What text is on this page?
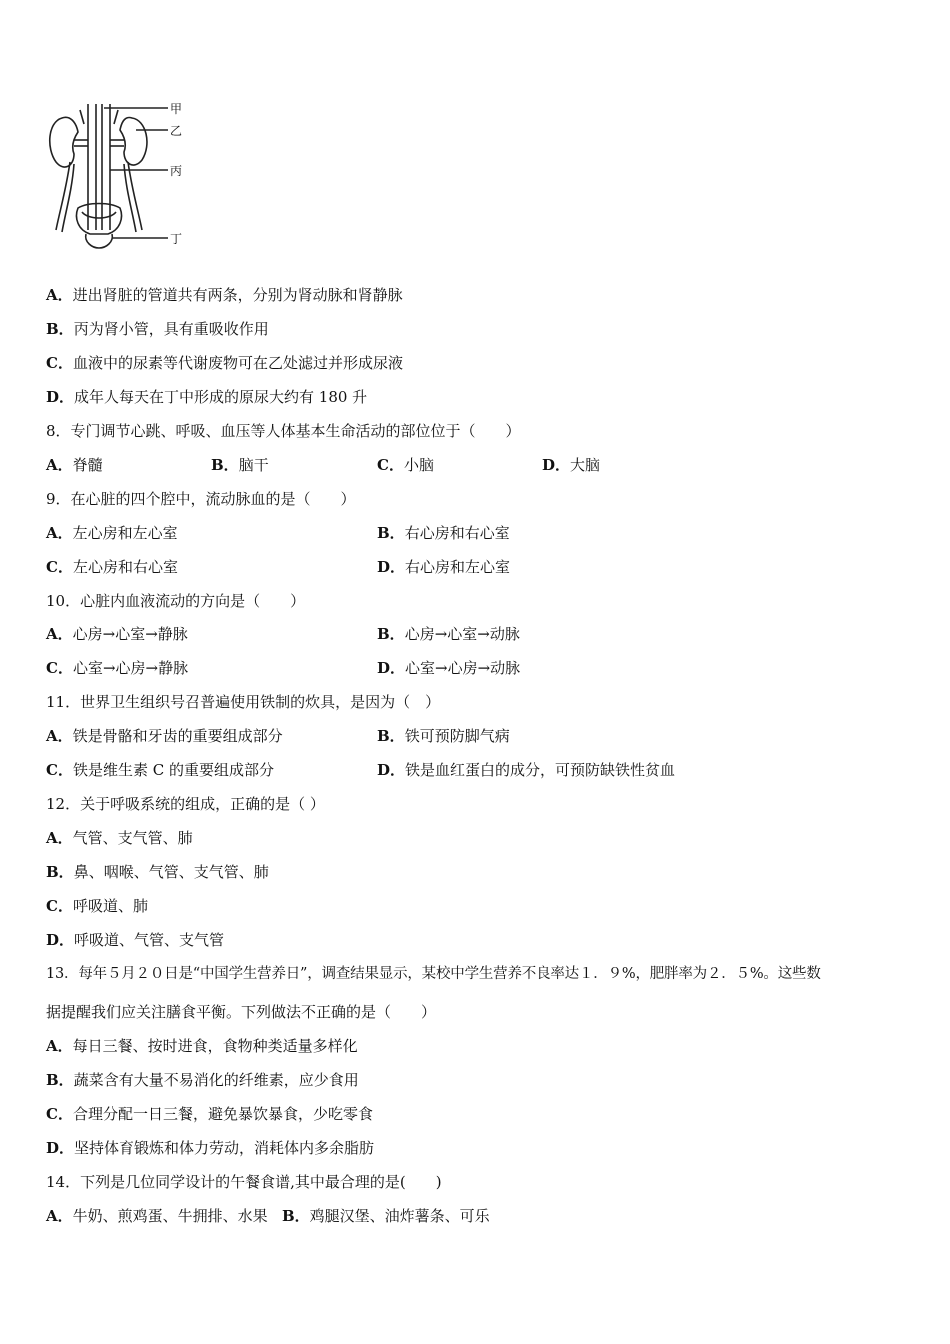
甲
乙
丙
丁
A．进出肾脏的管道共有两条，分别为肾动脉和肾静脉
B．丙为肾小管，具有重吸收作用
C．血液中的尿素等代谢废物可在乙处滤过并形成尿液
D．成年人每天在丁中形成的原尿大约有 180 升
8．专门调节心跳、呼吸、血压等人体基本生命活动的部位位于（　　）
A．脊髓	B．脑干	C．小脑	D．大脑
9．在心脏的四个腔中，流动脉血的是（　　）
A．左心房和左心室	B．右心房和右心室
C．左心房和右心室	D．右心房和左心室
10．心脏内血液流动的方向是（　　）
A．心房→心室→静脉	B．心房→心室→动脉
C．心室→心房→静脉	D．心室→心房→动脉
11．世界卫生组织号召普遍使用铁制的炊具，是因为（　）
A．铁是骨骼和牙齿的重要组成部分	B．铁可预防脚气病
C．铁是维生素 C 的重要组成部分	D．铁是血红蛋白的成分，可预防缺铁性贫血
12．关于呼吸系统的组成，正确的是（ ）
A．气管、支气管、肺
B．鼻、咽喉、气管、支气管、肺
C．呼吸道、肺
D．呼吸道、气管、支气管
13．每年５月２０日是“中国学生营养日”，调查结果显示，某校中学生营养不良率达１．９%，肥胖率为２．５%。这些数
据提醒我们应关注膳食平衡。下列做法不正确的是（　　）
A．每日三餐、按时进食，食物种类适量多样化
B．蔬菜含有大量不易消化的纤维素，应少食用
C．合理分配一日三餐，避免暴饮暴食，少吃零食
D．坚持体育锻炼和体力劳动，消耗体内多余脂肪
14．下列是几位同学设计的午餐食谱,其中最合理的是(　　)
A．牛奶、煎鸡蛋、牛拥排、水果 B．鸡腿汉堡、油炸薯条、可乐
